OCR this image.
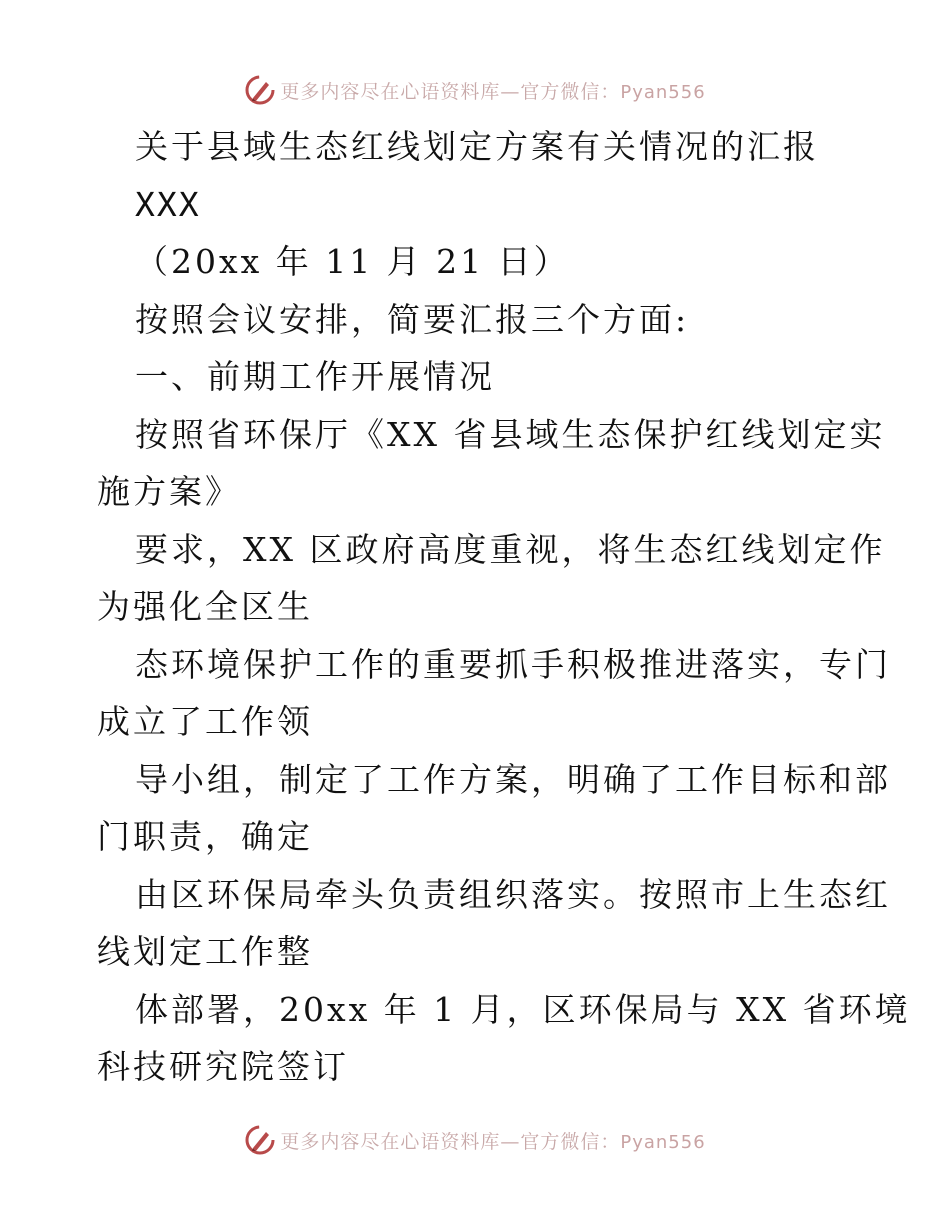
更多内容尽在心语资料库—官方微信：Pyan556
关于县域生态红线划定方案有关情况的汇报
XXX
（20xx 年 11 月 21 日）
按照会议安排，简要汇报三个方面:
一、前期工作开展情况
按照省环保厅《XX 省县域生态保护红线划定实
施方案》
要求，XX 区政府高度重视，将生态红线划定作
为强化全区生
态环境保护工作的重要抓手积极推进落实，专门
成立了工作领
导小组，制定了工作方案，明确了工作目标和部
门职责，确定
由区环保局牵头负责组织落实。按照市上生态红
线划定工作整
体部署，20xx 年 1 月，区环保局与 XX 省环境
科技研究院签订
更多内容尽在心语资料库—官方微信：Pyan556
